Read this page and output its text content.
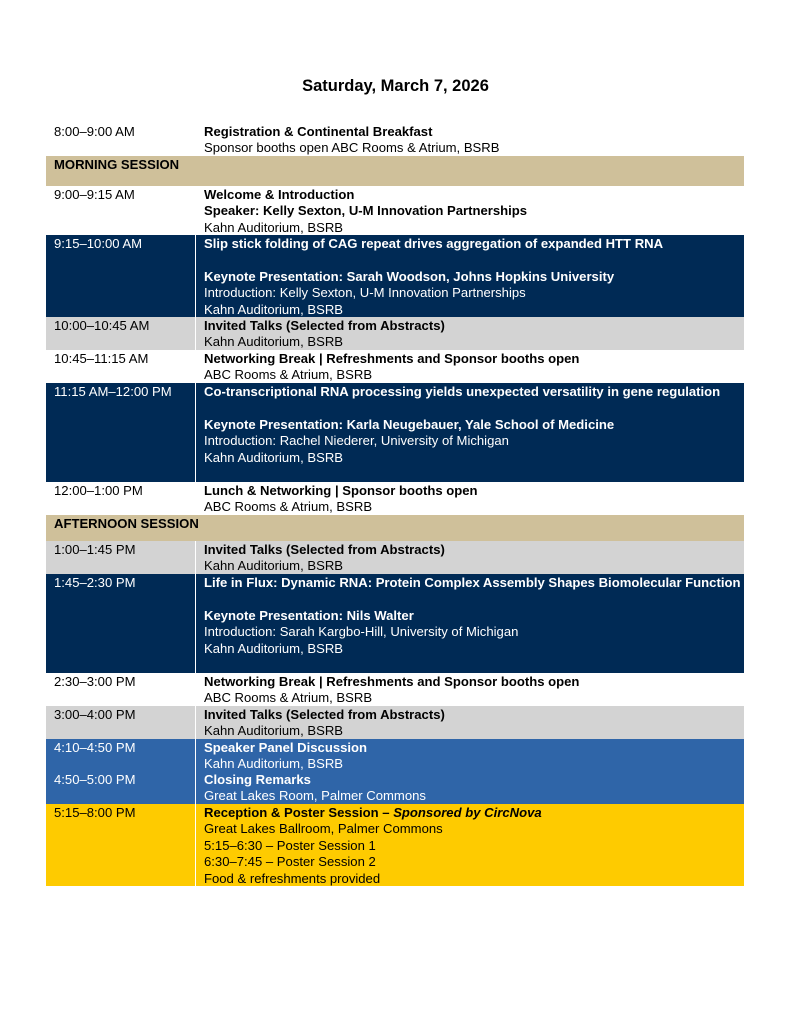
Saturday, March 7, 2026
8:00–9:00 AM	Registration & Continental Breakfast
Sponsor booths open ABC Rooms & Atrium, BSRB
MORNING SESSION
9:00–9:15 AM	Welcome & Introduction
Speaker: Kelly Sexton, U-M Innovation Partnerships
Kahn Auditorium, BSRB
9:15–10:00 AM	Slip stick folding of CAG repeat drives aggregation of expanded HTT RNA
Keynote Presentation: Sarah Woodson, Johns Hopkins University
Introduction: Kelly Sexton, U-M Innovation Partnerships
Kahn Auditorium, BSRB
10:00–10:45 AM	Invited Talks (Selected from Abstracts)
Kahn Auditorium, BSRB
10:45–11:15 AM	Networking Break | Refreshments and Sponsor booths open
ABC Rooms & Atrium, BSRB
11:15 AM–12:00 PM	Co-transcriptional RNA processing yields unexpected versatility in gene regulation
Keynote Presentation: Karla Neugebauer, Yale School of Medicine
Introduction: Rachel Niederer, University of Michigan
Kahn Auditorium, BSRB
12:00–1:00 PM	Lunch & Networking | Sponsor booths open
ABC Rooms & Atrium, BSRB
AFTERNOON SESSION
1:00–1:45 PM	Invited Talks (Selected from Abstracts)
Kahn Auditorium, BSRB
1:45–2:30 PM	Life in Flux: Dynamic RNA: Protein Complex Assembly Shapes Biomolecular Function
Keynote Presentation: Nils Walter
Introduction: Sarah Kargbo-Hill, University of Michigan
Kahn Auditorium, BSRB
2:30–3:00 PM	Networking Break | Refreshments and Sponsor booths open
ABC Rooms & Atrium, BSRB
3:00–4:00 PM	Invited Talks (Selected from Abstracts)
Kahn Auditorium, BSRB
4:10–4:50 PM	Speaker Panel Discussion
Kahn Auditorium, BSRB
4:50–5:00 PM	Closing Remarks
Great Lakes Room, Palmer Commons
5:15–8:00 PM	Reception & Poster Session – Sponsored by CircNova
Great Lakes Ballroom, Palmer Commons
5:15–6:30 – Poster Session 1
6:30–7:45 – Poster Session 2
Food & refreshments provided
